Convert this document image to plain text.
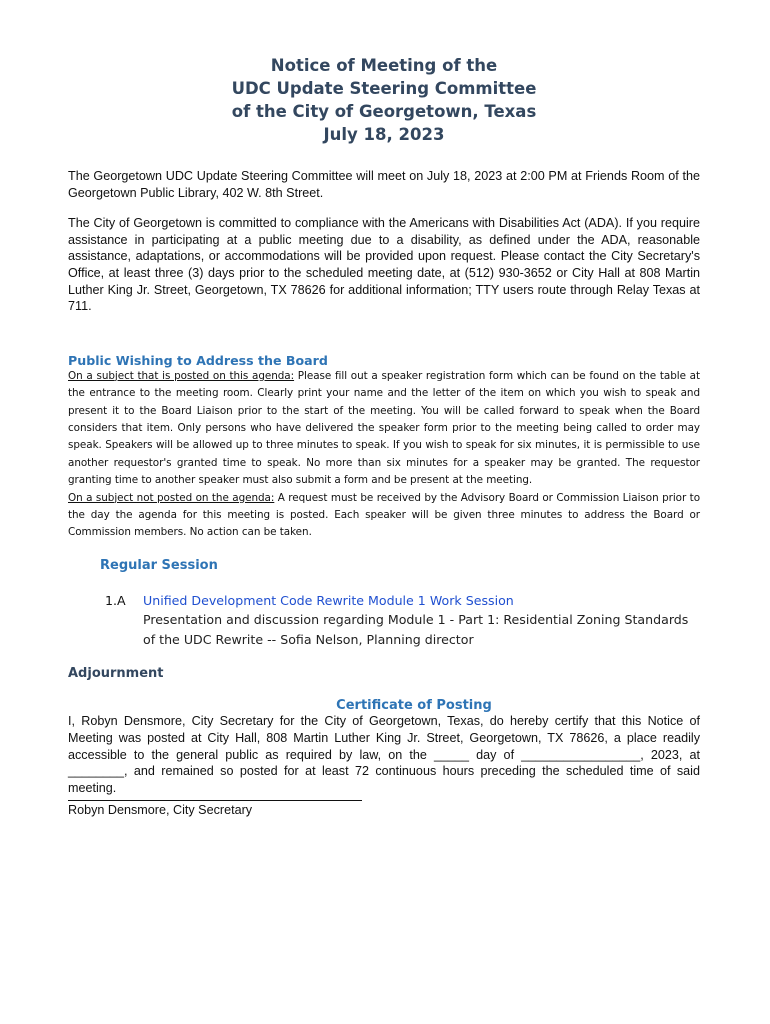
Notice of Meeting of the
UDC Update Steering Committee
of the City of Georgetown, Texas
July 18, 2023

The Georgetown UDC Update Steering Committee will meet on July 18, 2023 at 2:00 PM at Friends Room of the Georgetown Public Library, 402 W. 8th Street.

The City of Georgetown is committed to compliance with the Americans with Disabilities Act (ADA). If you require assistance in participating at a public meeting due to a disability, as defined under the ADA, reasonable assistance, adaptations, or accommodations will be provided upon request. Please contact the City Secretary's Office, at least three (3) days prior to the scheduled meeting date, at (512) 930-3652 or City Hall at 808 Martin Luther King Jr. Street, Georgetown, TX 78626 for additional information; TTY users route through Relay Texas at 711.

Public Wishing to Address the Board

On a subject that is posted on this agenda: Please fill out a speaker registration form which can be found on the table at the entrance to the meeting room. Clearly print your name and the letter of the item on which you wish to speak and present it to the Board Liaison prior to the start of the meeting. You will be called forward to speak when the Board considers that item. Only persons who have delivered the speaker form prior to the meeting being called to order may speak. Speakers will be allowed up to three minutes to speak. If you wish to speak for six minutes, it is permissible to use another requestor's granted time to speak. No more than six minutes for a speaker may be granted. The requestor granting time to another speaker must also submit a form and be present at the meeting.

On a subject not posted on the agenda: A request must be received by the Advisory Board or Commission Liaison prior to the day the agenda for this meeting is posted. Each speaker will be given three minutes to address the Board or Commission members. No action can be taken.

Regular Session
1.A	Unified Development Code Rewrite Module 1 Work Session
Presentation and discussion regarding Module 1 - Part 1: Residential Zoning Standards of the UDC Rewrite -- Sofia Nelson, Planning director
Adjournment
Certificate of Posting

I, Robyn Densmore, City Secretary for the City of Georgetown, Texas, do hereby certify that this Notice of Meeting was posted at City Hall, 808 Martin Luther King Jr. Street, Georgetown, TX 78626, a place readily accessible to the general public as required by law, on the _____ day of _________________, 2023, at ________, and remained so posted for at least 72 continuous hours preceding the scheduled time of said meeting.

Robyn Densmore, City Secretary
